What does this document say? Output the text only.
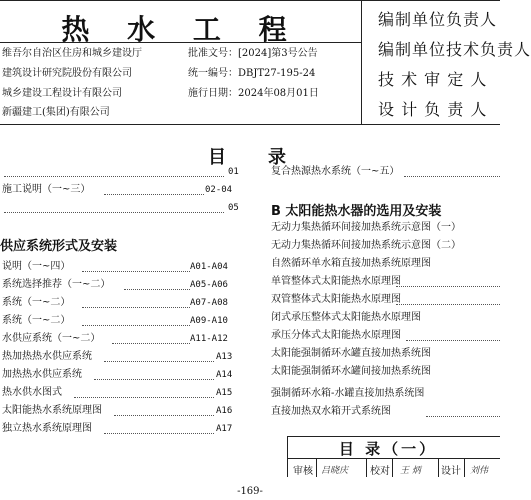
热 水 工 程
维吾尔自治区住房和城乡建设厅	批准文号：[2024]第3号公告
建筑设计研究院股份有限公司	统一编号：DBJT27-195-24
城乡建设工程设计有限公司	施行日期：2024年08月01日
新疆建工(集团)有限公司
编制单位负责人
编制单位技术负责人
技 术 审 定 人
设 计 负 责 人
目 录
01
施工说明（一~三）	02-04
05
供应系统形式及安装
说明（一~四）	A01-A04
系统选择推荐（一~二）	A05-A06
系统（一~二）	A07-A08
系统（一~二）	A09-A10
水供应系统（一~二）	A11-A12
热加热热水供应系统	A13
加热热水供应系统	A14
热水供水图式	A15
太阳能热水系统原理图	A16
独立热水系统原理图	A17
复合热源热水系统（一~五）
B 太阳能热水器的选用及安装
无动力集热循环间接加热系统示意图（一）
无动力集热循环间接加热系统示意图（二）
自然循环单水箱直接加热系统原理图
单管整体式太阳能热水原理图
双管整体式太阳能热水原理图
闭式承压整体式太阳能热水原理图
承压分体式太阳能热水原理图
太阳能强制循环水罐直接加热系统图
太阳能强制循环水罐间接加热系统图
强制循环水箱-水罐直接加热系统图
直接加热双水箱开式系统图
目 录（一）
审核 吕晓庆 校对 王 炳 设计 刘伟
-169-
